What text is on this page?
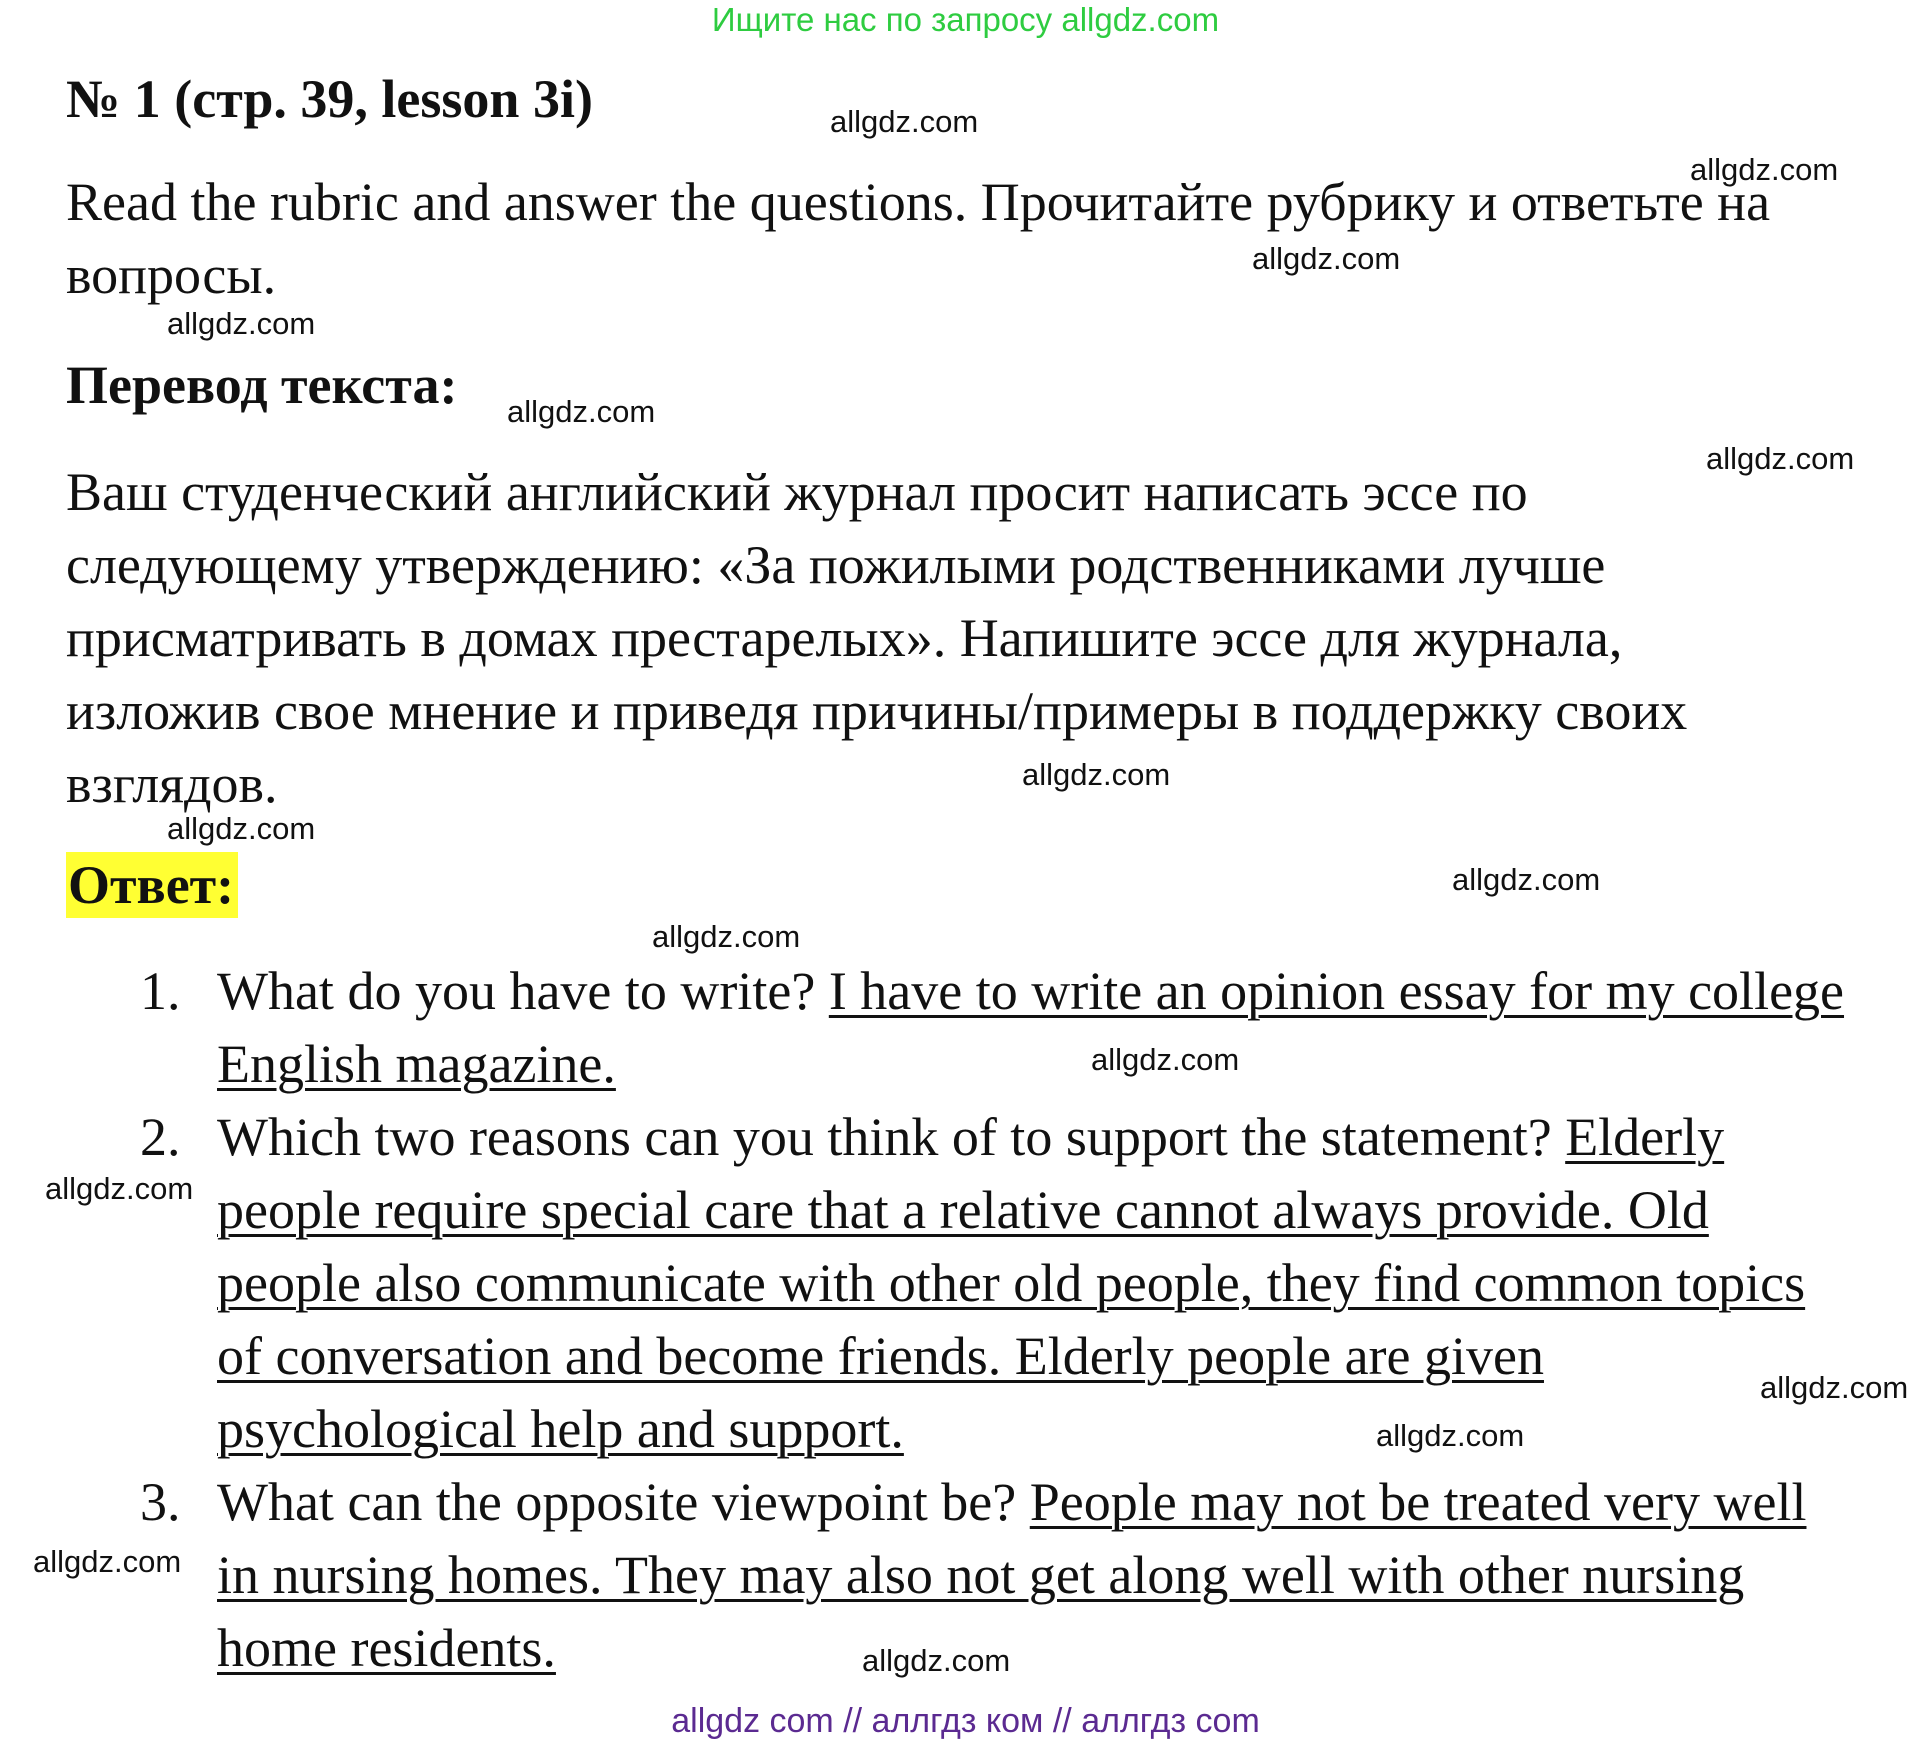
Ищите нас по запросу allgdz.com
№ 1 (стр. 39, lesson 3i)

Read the rubric and answer the questions. Прочитайте рубрику и ответьте на вопросы.

Перевод текста:

Ваш студенческий английский журнал просит написать эссе по следующему утверждению: «За пожилыми родственниками лучше присматривать в домах престарелых». Напишите эссе для журнала, изложив свое мнение и приведя причины/примеры в поддержку своих взглядов.

Ответ:
1. What do you have to write? I have to write an opinion essay for my college English magazine.
2. Which two reasons can you think of to support the statement? Elderly people require special care that a relative cannot always provide. Old people also communicate with other old people, they find common topics of conversation and become friends. Elderly people are given psychological help and support.
3. What can the opposite viewpoint be? People may not be treated very well in nursing homes. They may also not get along well with other nursing home residents.
allgdz.com
allgdz.com
allgdz.com
allgdz.com
allgdz.com
allgdz.com
allgdz.com
allgdz.com
allgdz.com
allgdz.com
allgdz.com
allgdz.com
allgdz.com
allgdz.com
allgdz.com
allgdz.com
allgdz com // аллгдз ком // аллгдз com
